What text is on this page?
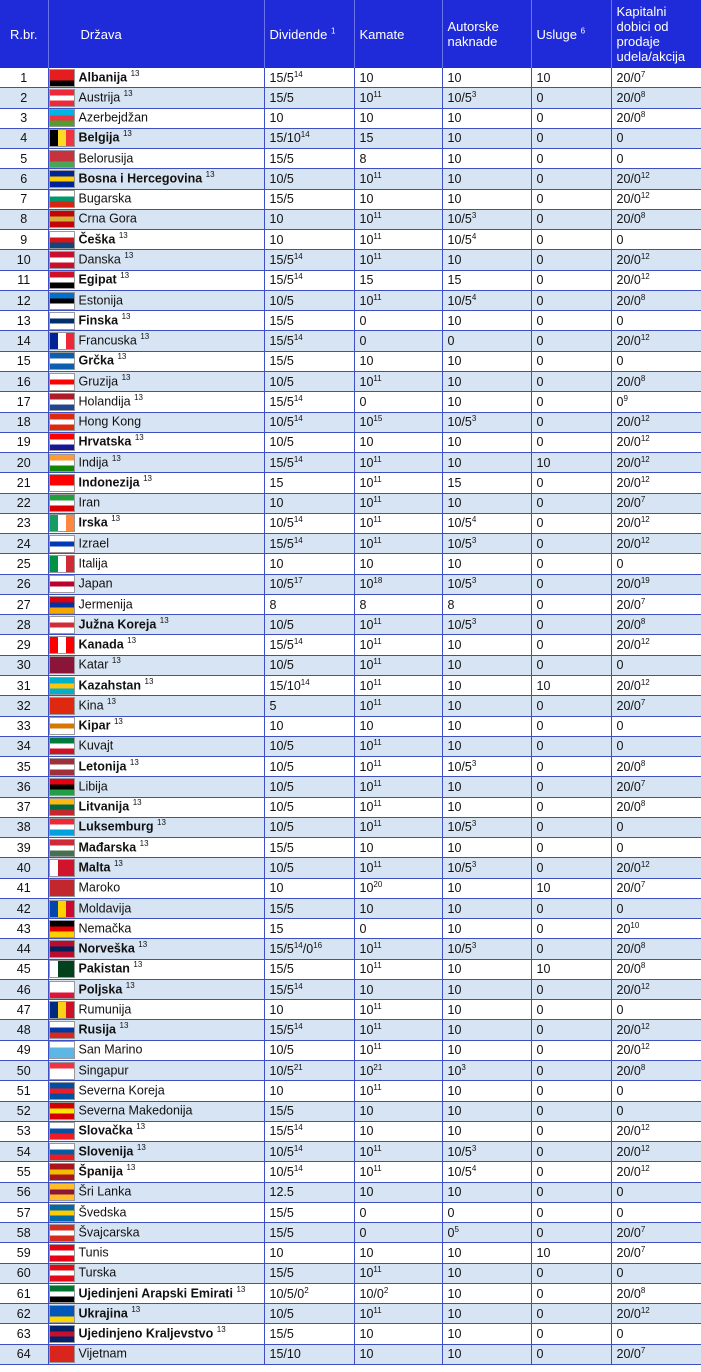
R.br.	Država	Dividende $^1$	Kamate	Autorske
naknade	Usluge $^6$	Kapitalni
dobici od
prodaje
udela/akcija
1	Albanija $^{13}$	$15/5^{14}$	10	10	10	$20/0^7$
2	Austrija $^{13}$	15/5	$10^{11}$	$10/5^3$	0	$20/0^8$
3	Azerbejdžan	10	10	10	0	$20/0^8$
4	Belgija $^{13}$	$15/10^{14}$	15	10	0	0
5	Belorusija	15/5	8	10	0	0
6	Bosna i Hercegovina $^{13}$	10/5	$10^{11}$	10	0	$20/0^{12}$
7	Bugarska	15/5	10	10	0	$20/0^{12}$
8	Crna Gora	10	$10^{11}$	$10/5^3$	0	$20/0^8$
9	Češka $^{13}$	10	$10^{11}$	$10/5^4$	0	0
10	Danska $^{13}$	$15/5^{14}$	$10^{11}$	10	0	$20/0^{12}$
11	Egipat $^{13}$	$15/5^{14}$	15	15	0	$20/0^{12}$
12	Estonija	10/5	$10^{11}$	$10/5^4$	0	$20/0^8$
13	Finska $^{13}$	15/5	0	10	0	0
14	Francuska $^{13}$	$15/5^{14}$	0	0	0	$20/0^{12}$
15	Grčka $^{13}$	15/5	10	10	0	0
16	Gruzija $^{13}$	10/5	$10^{11}$	10	0	$20/0^8$
17	Holandija $^{13}$	$15/5^{14}$	0	10	0	$0^9$
18	Hong Kong	$10/5^{14}$	$10^{15}$	$10/5^3$	0	$20/0^{12}$
19	Hrvatska $^{13}$	10/5	10	10	0	$20/0^{12}$
20	Indija $^{13}$	$15/5^{14}$	$10^{11}$	10	10	$20/0^{12}$
21	Indonezija $^{13}$	15	$10^{11}$	15	0	$20/0^{12}$
22	Iran	10	$10^{11}$	10	0	$20/0^7$
23	Irska $^{13}$	$10/5^{14}$	$10^{11}$	$10/5^4$	0	$20/0^{12}$
24	Izrael	$15/5^{14}$	$10^{11}$	$10/5^3$	0	$20/0^{12}$
25	Italija	10	10	10	0	0
26	Japan	$10/5^{17}$	$10^{18}$	$10/5^3$	0	$20/0^{19}$
27	Jermenija	8	8	8	0	$20/0^7$
28	Južna Koreja $^{13}$	10/5	$10^{11}$	$10/5^3$	0	$20/0^8$
29	Kanada $^{13}$	$15/5^{14}$	$10^{11}$	10	0	$20/0^{12}$
30	Katar $^{13}$	10/5	$10^{11}$	10	0	0
31	Kazahstan $^{13}$	$15/10^{14}$	$10^{11}$	10	10	$20/0^{12}$
32	Kina $^{13}$	5	$10^{11}$	10	0	$20/0^7$
33	Kipar $^{13}$	10	10	10	0	0
34	Kuvajt	10/5	$10^{11}$	10	0	0
35	Letonija $^{13}$	10/5	$10^{11}$	$10/5^3$	0	$20/0^8$
36	Libija	10/5	$10^{11}$	10	0	$20/0^7$
37	Litvanija $^{13}$	10/5	$10^{11}$	10	0	$20/0^8$
38	Luksemburg $^{13}$	10/5	$10^{11}$	$10/5^3$	0	0
39	Mađarska $^{13}$	15/5	10	10	0	0
40	Malta $^{13}$	10/5	$10^{11}$	$10/5^3$	0	$20/0^{12}$
41	Maroko	10	$10^{20}$	10	10	$20/0^7$
42	Moldavija	15/5	10	10	0	0
43	Nemačka	15	0	10	0	$20^{10}$
44	Norveška $^{13}$	$15/5^{14}/0^{16}$	$10^{11}$	$10/5^3$	0	$20/0^8$
45	Pakistan $^{13}$	15/5	$10^{11}$	10	10	$20/0^8$
46	Poljska $^{13}$	$15/5^{14}$	10	10	0	$20/0^{12}$
47	Rumunija	10	$10^{11}$	10	0	0
48	Rusija $^{13}$	$15/5^{14}$	$10^{11}$	10	0	$20/0^{12}$
49	San Marino	10/5	$10^{11}$	10	0	$20/0^{12}$
50	Singapur	$10/5^{21}$	$10^{21}$	$10^3$	0	$20/0^8$
51	Severna Koreja	10	$10^{11}$	10	0	0
52	Severna Makedonija	15/5	10	10	0	0
53	Slovačka $^{13}$	$15/5^{14}$	10	10	0	$20/0^{12}$
54	Slovenija $^{13}$	$10/5^{14}$	$10^{11}$	$10/5^3$	0	$20/0^{12}$
55	Španija $^{13}$	$10/5^{14}$	$10^{11}$	$10/5^4$	0	$20/0^{12}$
56	Šri Lanka	12.5	10	10	0	0
57	Švedska	15/5	0	0	0	0
58	Švajcarska	15/5	0	$0^5$	0	$20/0^7$
59	Tunis	10	10	10	10	$20/0^7$
60	Turska	15/5	$10^{11}$	10	0	0
61	Ujedinjeni Arapski Emirati $^{13}$	$10/5/0^2$	$10/0^2$	10	0	$20/0^8$
62	Ukrajina $^{13}$	10/5	$10^{11}$	10	0	$20/0^{12}$
63	Ujedinjeno Kraljevstvo $^{13}$	15/5	10	10	0	0
64	Vijetnam	15/10	10	10	0	$20/0^7$
